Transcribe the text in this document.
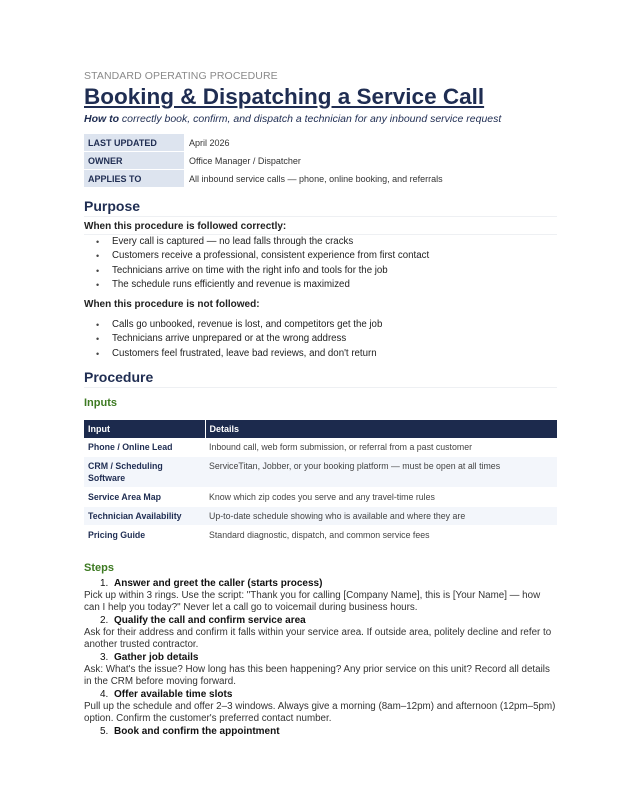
STANDARD OPERATING PROCEDURE
Booking & Dispatching a Service Call
How to correctly book, confirm, and dispatch a technician for any inbound service request
LAST UPDATED	April 2026
OWNER	Office Manager / Dispatcher
APPLIES TO	All inbound service calls — phone, online booking, and referrals
Purpose
When this procedure is followed correctly:
• Every call is captured — no lead falls through the cracks
• Customers receive a professional, consistent experience from first contact
• Technicians arrive on time with the right info and tools for the job
• The schedule runs efficiently and revenue is maximized
When this procedure is not followed:
• Calls go unbooked, revenue is lost, and competitors get the job
• Technicians arrive unprepared or at the wrong address
• Customers feel frustrated, leave bad reviews, and don't return
Procedure
Inputs
Input	Details
Phone / Online Lead	Inbound call, web form submission, or referral from a past customer
CRM / Scheduling Software	ServiceTitan, Jobber, or your booking platform — must be open at all times
Service Area Map	Know which zip codes you serve and any travel-time rules
Technician Availability	Up-to-date schedule showing who is available and where they are
Pricing Guide	Standard diagnostic, dispatch, and common service fees
Steps
1. Answer and greet the caller (starts process)
Pick up within 3 rings. Use the script: "Thank you for calling [Company Name], this is [Your Name] — how can I help you today?" Never let a call go to voicemail during business hours.
2. Qualify the call and confirm service area
Ask for their address and confirm it falls within your service area. If outside area, politely decline and refer to another trusted contractor.
3. Gather job details
Ask: What's the issue? How long has this been happening? Any prior service on this unit? Record all details in the CRM before moving forward.
4. Offer available time slots
Pull up the schedule and offer 2–3 windows. Always give a morning (8am–12pm) and afternoon (12pm–5pm) option. Confirm the customer's preferred contact number.
5. Book and confirm the appointment
